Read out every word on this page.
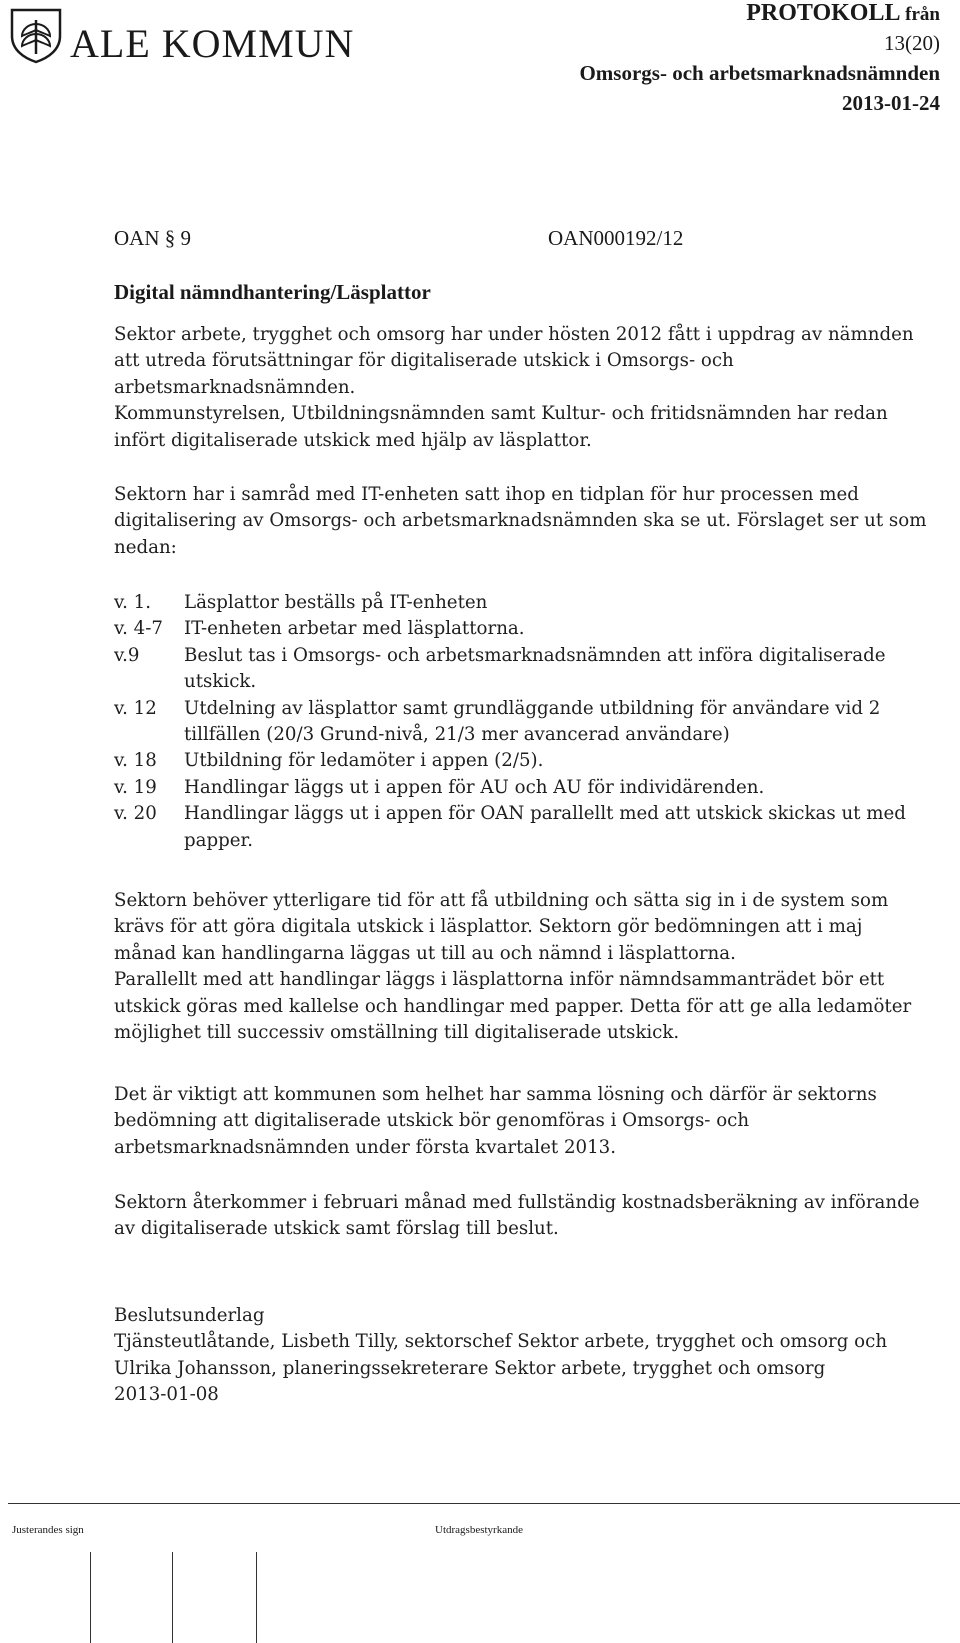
ALE KOMMUN
PROTOKOLL från
13(20)
Omsorgs- och arbetsmarknadsnämnden
2013-01-24
OAN § 9	OAN000192/12
Digital nämndhantering/Läsplattor

Sektor arbete, trygghet och omsorg har under hösten 2012 fått i uppdrag av nämnden

att utreda förutsättningar för digitaliserade utskick i Omsorgs- och

arbetsmarknadsnämnden.

Kommunstyrelsen, Utbildningsnämnden samt Kultur- och fritidsnämnden har redan

infört digitaliserade utskick med hjälp av läsplattor.

Sektorn har i samråd med IT-enheten satt ihop en tidplan för hur processen med

digitalisering av Omsorgs- och arbetsmarknadsnämnden ska se ut. Förslaget ser ut som

nedan:

v. 1.	Läsplattor beställs på IT-enheten
v. 4-7	IT-enheten arbetar med läsplattorna.
v.9	Beslut tas i Omsorgs- och arbetsmarknadsnämnden att införa digitaliserade
utskick.
v. 12	Utdelning av läsplattor samt grundläggande utbildning för användare vid 2
tillfällen (20/3 Grund-nivå, 21/3 mer avancerad användare)
v. 18	Utbildning för ledamöter i appen (2/5).
v. 19	Handlingar läggs ut i appen för AU och AU för individärenden.
v. 20	Handlingar läggs ut i appen för OAN parallellt med att utskick skickas ut med
papper.

Sektorn behöver ytterligare tid för att få utbildning och sätta sig in i de system som

krävs för att göra digitala utskick i läsplattor. Sektorn gör bedömningen att i maj

månad kan handlingarna läggas ut till au och nämnd i läsplattorna.

Parallellt med att handlingar läggs i läsplattorna inför nämndsammanträdet bör ett

utskick göras med kallelse och handlingar med papper. Detta för att ge alla ledamöter

möjlighet till successiv omställning till digitaliserade utskick.

Det är viktigt att kommunen som helhet har samma lösning och därför är sektorns

bedömning att digitaliserade utskick bör genomföras i Omsorgs- och

arbetsmarknadsnämnden under första kvartalet 2013.

Sektorn återkommer i februari månad med fullständig kostnadsberäkning av införande

av digitaliserade utskick samt förslag till beslut.

Beslutsunderlag

Tjänsteutlåtande, Lisbeth Tilly, sektorschef Sektor arbete, trygghet och omsorg och

Ulrika Johansson, planeringssekreterare Sektor arbete, trygghet och omsorg

2013-01-08

Justerandes sign	Utdragsbestyrkande
